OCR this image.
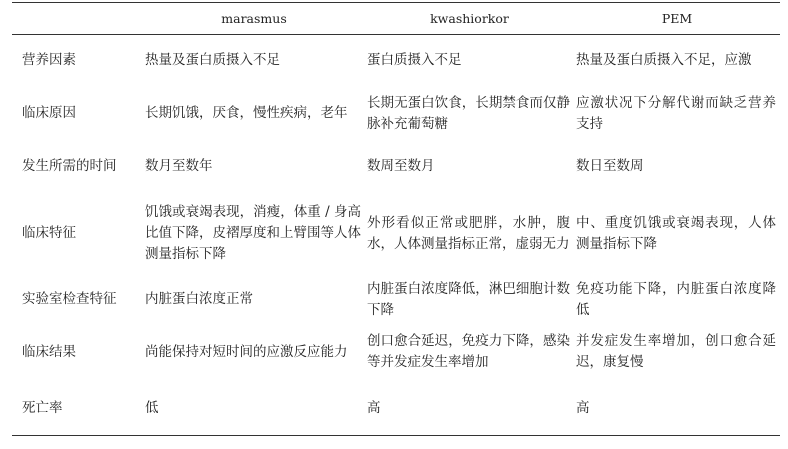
	marasmus	kwashiorkor	PEM
营养因素	热量及蛋白质摄入不足	蛋白质摄入不足	热量及蛋白质摄入不足，应激
临床原因	长期饥饿，厌食，慢性疾病，老年	长期无蛋白饮食，长期禁食而仅静脉补充葡萄糖	应激状况下分解代谢而缺乏营养支持
发生所需的时间	数月至数年	数周至数月	数日至数周
临床特征	饥饿或衰竭表现，消瘦，体重 / 身高比值下降，皮褶厚度和上臂围等人体测量指标下降	外形看似正常或肥胖，水肿，腹水，人体测量指标正常，虚弱无力	中、重度饥饿或衰竭表现，人体测量指标下降
实验室检查特征	内脏蛋白浓度正常	内脏蛋白浓度降低，淋巴细胞计数下降	免疫功能下降，内脏蛋白浓度降低
临床结果	尚能保持对短时间的应激反应能力	创口愈合延迟，免疫力下降，感染等并发症发生率增加	并发症发生率增加，创口愈合延迟，康复慢
死亡率	低	高	高
